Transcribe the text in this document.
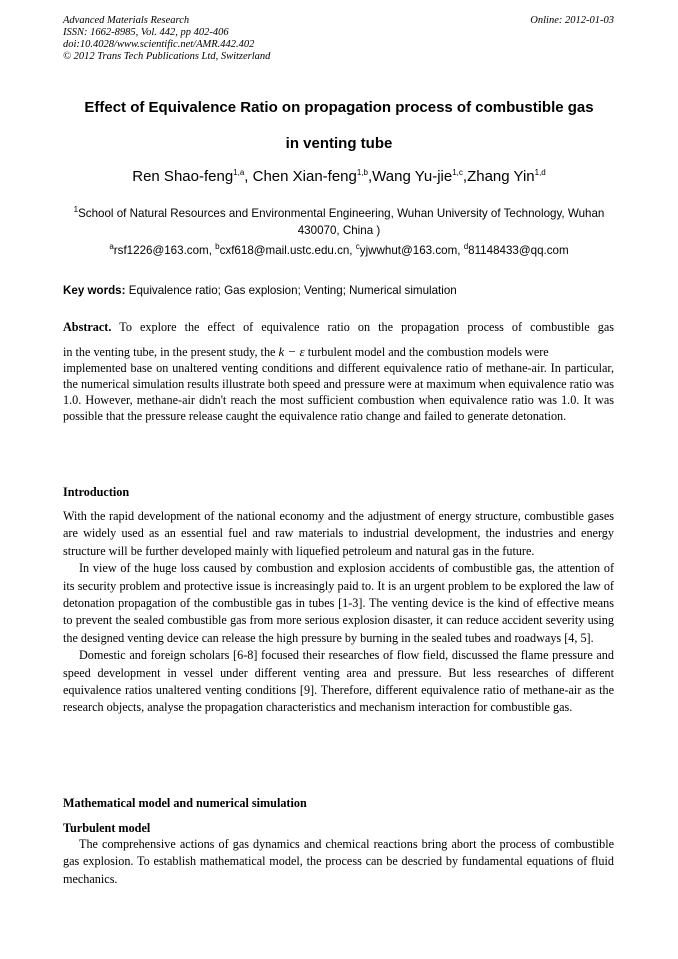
Advanced Materials Research
ISSN: 1662-8985, Vol. 442, pp 402-406
doi:10.4028/www.scientific.net/AMR.442.402
© 2012 Trans Tech Publications Ltd, Switzerland
Online: 2012-01-03
Effect of Equivalence Ratio on propagation process of combustible gas
in venting tube
Ren Shao-feng$^{1,a}$, Chen Xian-feng$^{1,b}$,Wang Yu-jie$^{1,c}$,Zhang Yin$^{1,d}$
$^1$School of Natural Resources and Environmental Engineering, Wuhan University of Technology, Wuhan 430070, China )
$^a$rsf1226@163.com, $^b$cxf618@mail.ustc.edu.cn, $^c$yjwwhut@163.com, $^d$81148433@qq.com
Key words: Equivalence ratio; Gas explosion; Venting; Numerical simulation

Abstract. To explore the effect of equivalence ratio on the propagation process of combustible gas

in the venting tube, in the present study, the k − ε turbulent model and the combustion models were

implemented base on unaltered venting conditions and different equivalence ratio of methane-air. In particular, the numerical simulation results illustrate both speed and pressure were at maximum when equivalence ratio was 1.0. However, methane-air didn't reach the most sufficient combustion when equivalence ratio was 1.0. It was possible that the pressure release caught the equivalence ratio change and failed to generate detonation.

Introduction

With the rapid development of the national economy and the adjustment of energy structure, combustible gases are widely used as an essential fuel and raw materials to industrial development, the industries and energy structure will be further developed mainly with liquefied petroleum and natural gas in the future.

In view of the huge loss caused by combustion and explosion accidents of combustible gas, the attention of its security problem and protective issue is increasingly paid to. It is an urgent problem to be explored the law of detonation propagation of the combustible gas in tubes [1-3]. The venting device is the kind of effective means to prevent the sealed combustible gas from more serious explosion disaster, it can reduce accident severity using the designed venting device can release the high pressure by burning in the sealed tubes and roadways [4, 5].

Domestic and foreign scholars [6-8] focused their researches of flow field, discussed the flame pressure and speed development in vessel under different venting area and pressure. But less researches of different equivalence ratios unaltered venting conditions [9]. Therefore, different equivalence ratio of methane-air as the research objects, analyse the propagation characteristics and mechanism interaction for combustible gas.

Mathematical model and numerical simulation
Turbulent model

The comprehensive actions of gas dynamics and chemical reactions bring abort the process of combustible gas explosion. To establish mathematical model, the process can be descried by fundamental equations of fluid mechanics.
